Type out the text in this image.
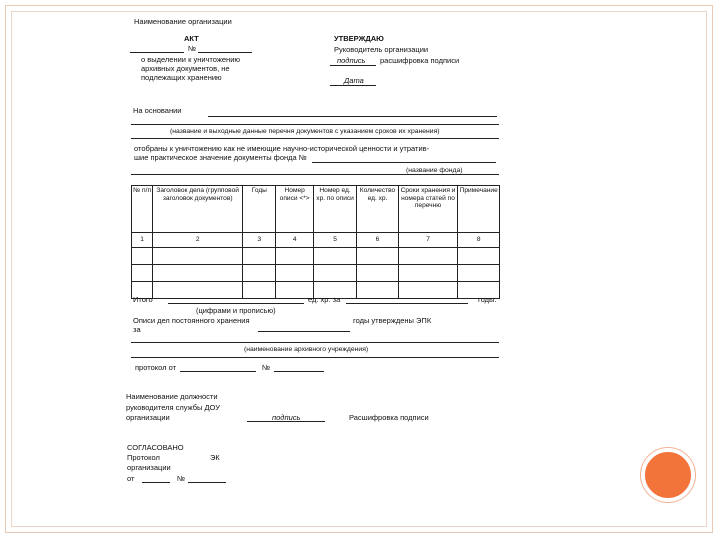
Наименование организации
АКТ
№
о выделении к уничтожению
архивных документов, не
подлежащих хранению
УТВЕРЖДАЮ
Руководитель организации
подпись расшифровка подписи
Дата
На основании
(название и выходные данные перечня документов с указанием сроков их хранения)
отобраны к уничтожению как не имеющие научно-исторической ценности и утратив-
шие практическое значение документы фонда №
(название фонда)
№ п/п	Заголовок дела (групповой заголовок документов)	Годы	Номер описи <*>	Номер ед. хр. по описи	Количество ед. хр.	Сроки хранения и номера статей по перечню	Примечание
1	2	3	4	5	6	7	8

Итого	ед. хр. за	годы.
(цифрами и прописью)
Описи дел постоянного хранения	годы утверждены ЭПК
за
(наименование архивного учреждения)
протокол от	№
Наименование должности
руководителя службы ДОУ
организации	подпись	Расшифровка подписи
СОГЛАСОВАНО
Протокол	ЭК
организации
от	№
